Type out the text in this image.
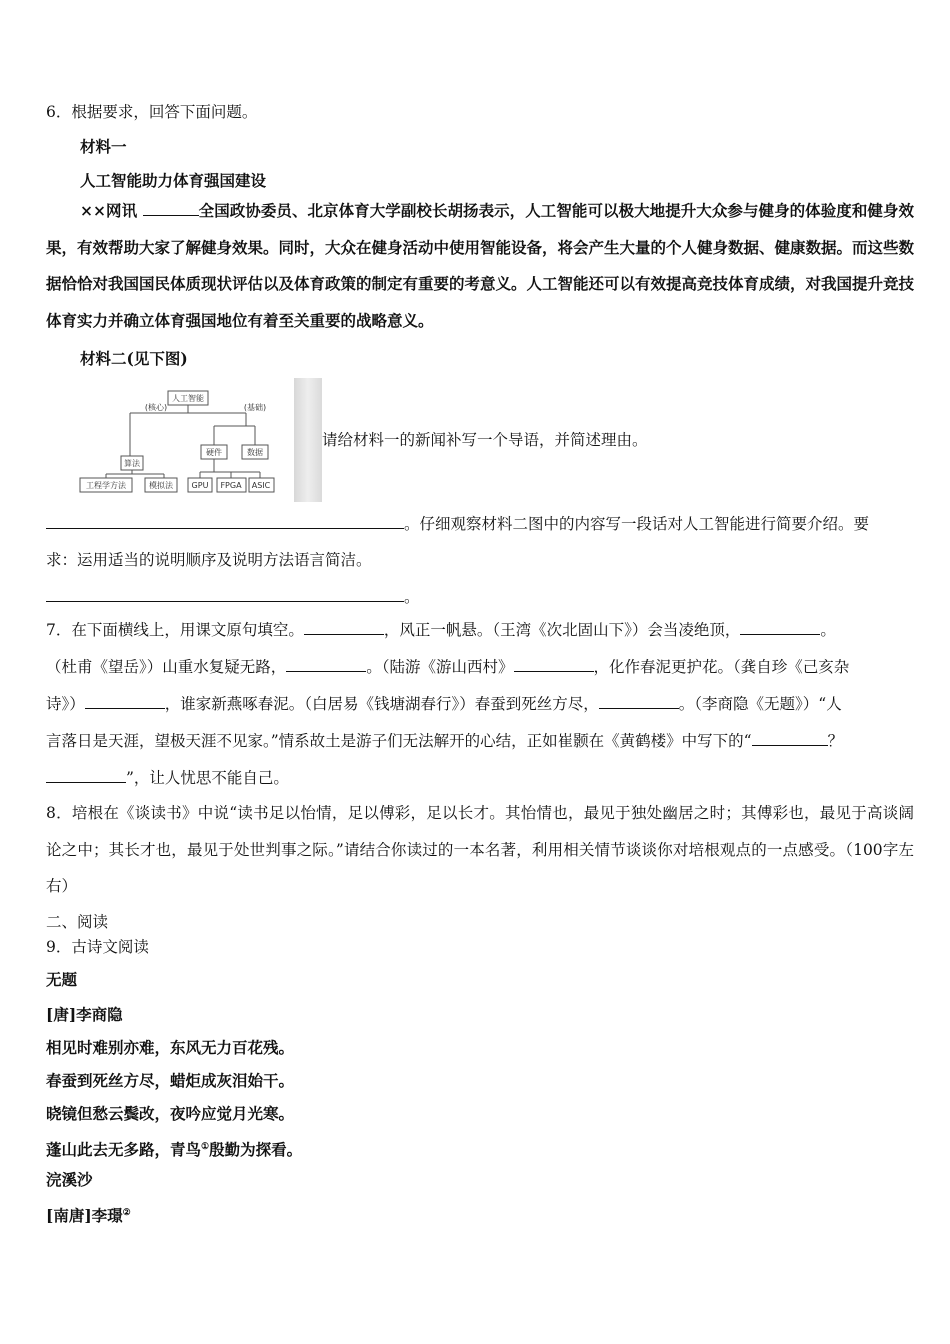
6．根据要求，回答下面问题。
材料一
人工智能助力体育强国建设
××网讯	全国政协委员、北京体育大学副校长胡扬表示，人工智能可以极大地提升大众参与健身的体验度和健身效果，有效帮助大家了解健身效果。同时，大众在健身活动中使用智能设备，将会产生大量的个人健身数据、健康数据。而这些数据恰恰对我国国民体质现状评估以及体育政策的制定有重要的考意义。人工智能还可以有效提高竞技体育成绩，对我国提升竞技体育实力并确立体育强国地位有着至关重要的战略意义。
材料二(见下图)
人工智能
(核心)	(基础)
算法
硬件	数据
工程学方法	模拟法 GPU FPGA ASIC
请给材料一的新闻补写一个导语，并简述理由。
。仔细观察材料二图中的内容写一段话对人工智能进行简要介绍。要
求：运用适当的说明顺序及说明方法语言简洁。
。
7．在下面横线上，用课文原句填空。	，风正一帆悬。（王湾《次北固山下》）会当凌绝顶，	。
（杜甫《望岳》）山重水复疑无路，	。（陆游《游山西村》	，化作春泥更护花。（龚自珍《己亥杂
诗》）	，谁家新燕啄春泥。（白居易《钱塘湖春行》）春蚕到死丝方尽，	。（李商隐《无题》）“人
言落日是天涯，望极天涯不见家。”情系故土是游子们无法解开的心结，正如崔颢在《黄鹤楼》中写下的“	？
”，让人忧思不能自己。
8．培根在《谈读书》中说“读书足以怡情，足以傅彩，足以长才。其怡情也，最见于独处幽居之时；其傅彩也，最见于高谈阔论之中；其长才也，最见于处世判事之际。”请结合你读过的一本名著，利用相关情节谈谈你对培根观点的一点感受。（100字左右）
二、阅读
9．古诗文阅读
无题
[唐]李商隐
相见时难别亦难，东风无力百花残。
春蚕到死丝方尽，蜡炬成灰泪始干。
晓镜但愁云鬓改，夜吟应觉月光寒。
蓬山此去无多路，青鸟①殷勤为探看。
浣溪沙
[南唐]李璟②
